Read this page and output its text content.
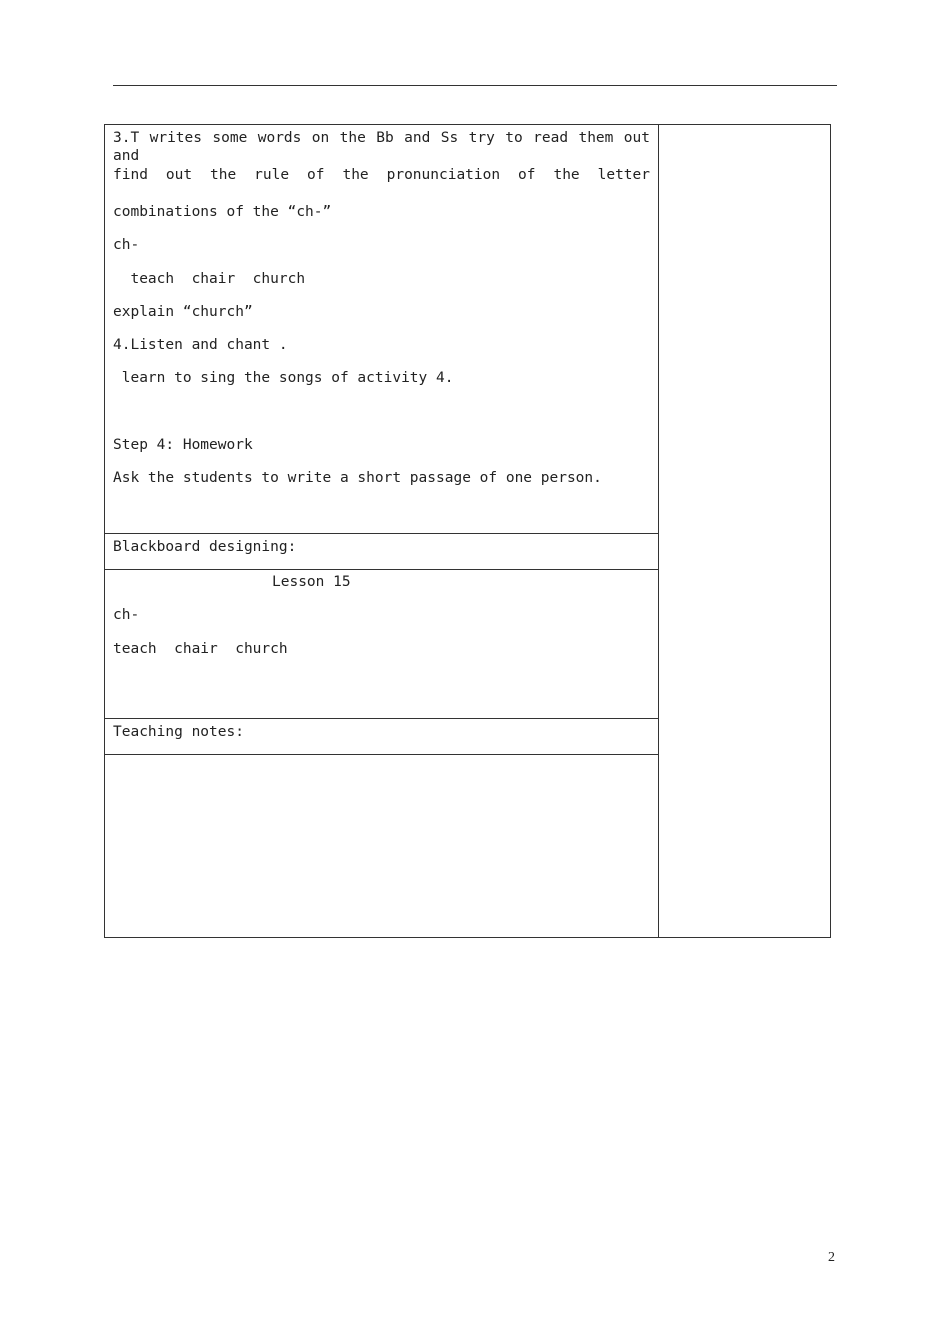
3.T writes some words on the Bb and Ss try to read them out and
find out the rule of the pronunciation of the letter
combinations of the “ch-”
ch-
teach  chair  church
explain “church”
4.Listen and chant .
learn to sing the songs of activity 4.
Step 4: Homework
Ask the students to write a short passage of one person.
Blackboard designing:
Lesson 15
ch-
teach  chair  church
Teaching notes:
2
